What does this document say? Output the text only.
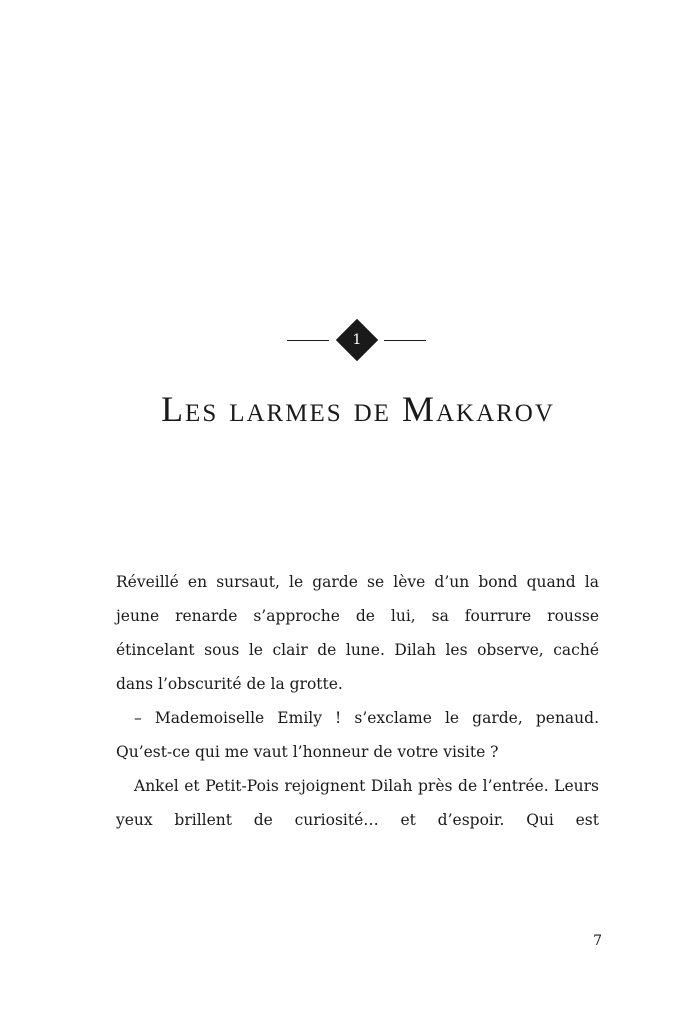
1
Les larmes de Makarov

Réveillé en sursaut, le garde se lève d’un bond quand la jeune renarde s’approche de lui, sa fourrure rousse étincelant sous le clair de lune. Dilah les observe, caché dans l’obscurité de la grotte.

– Mademoiselle Emily ! s’exclame le garde, penaud. Qu’est-ce qui me vaut l’honneur de votre visite ?

Ankel et Petit-Pois rejoignent Dilah près de l’entrée. Leurs yeux brillent de curiosité… et d’espoir. Qui est

7
